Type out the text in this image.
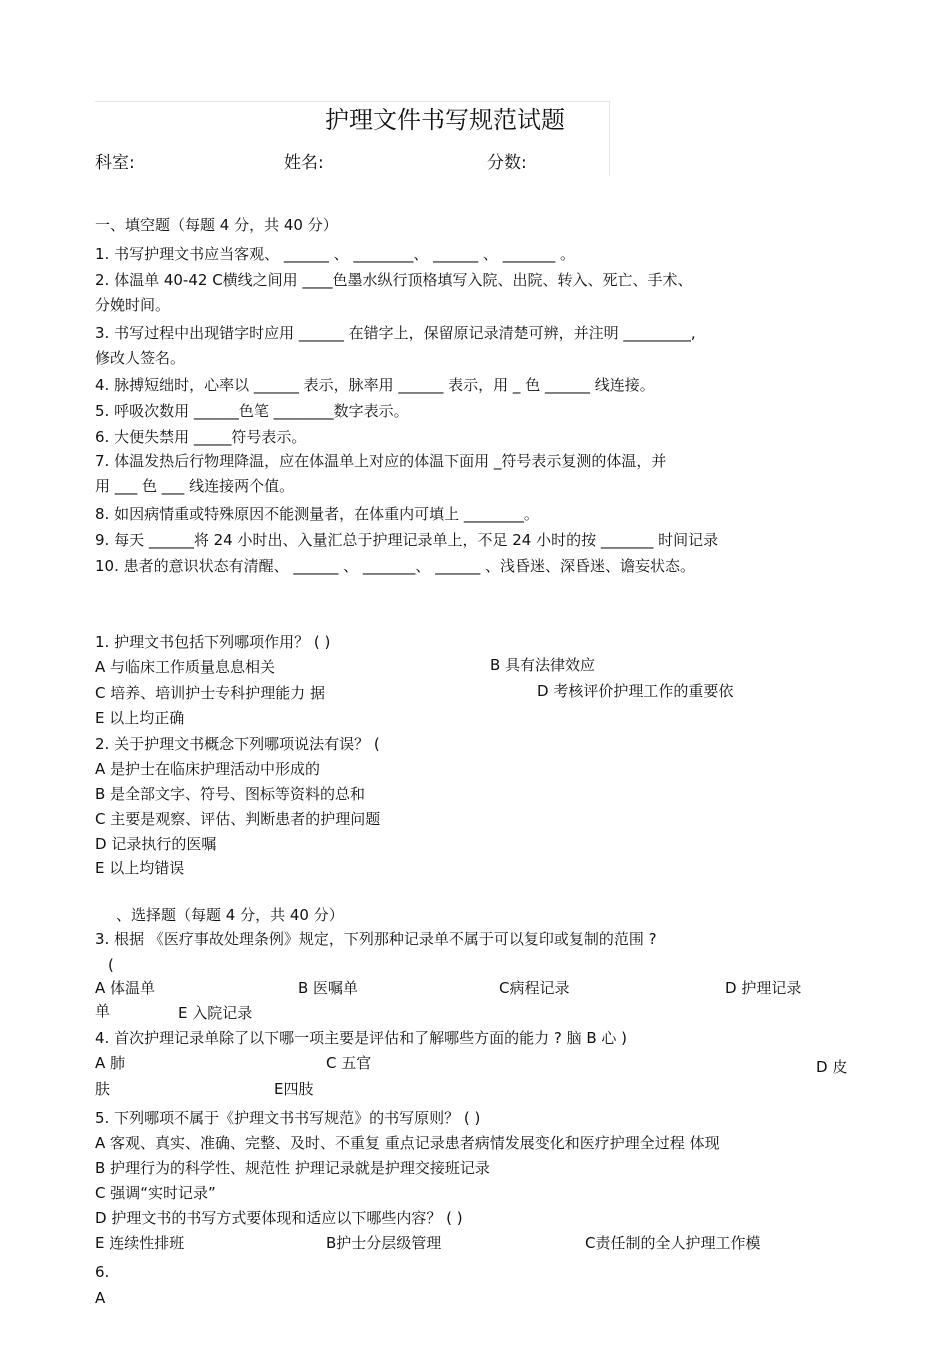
护理文件书写规范试题
科室:	姓名:	分数:
一、填空题（每题 4 分，共 40 分）
1. 书写护理文书应当客观、 ______ 、 ________、 ______ 、 _______ 。
2. 体温单 40-42 C横线之间用 ____色墨水纵行顶格填写入院、出院、转入、死亡、手术、
分娩时间。
3. 书写过程中出现错字时应用 ______ 在错字上，保留原记录清楚可辨，并注明 _________,
修改人签名。
4. 脉搏短绌时，心率以 ______ 表示，脉率用 ______ 表示，用 _ 色 ______ 线连接。
5. 呼吸次数用 ______色笔 ________数字表示。
6. 大便失禁用 _____符号表示。
7. 体温发热后行物理降温，应在体温单上对应的体温下面用 _符号表示复测的体温，并
用 ___ 色 ___ 线连接两个值。
8. 如因病情重或特殊原因不能测量者，在体重内可填上 ________。
9. 每天 ______将 24 小时出、入量汇总于护理记录单上，不足 24 小时的按 _______ 时间记录
10. 患者的意识状态有清醒、 ______ 、 _______、 ______ 、浅昏迷、深昏迷、谵妄状态。
1. 护理文书包括下列哪项作用？ ( )
A 与临床工作质量息息相关	B 具有法律效应
C 培养、培训护士专科护理能力 据	D 考核评价护理工作的重要依
E 以上均正确
2. 关于护理文书概念下列哪项说法有误？ (
A 是护士在临床护理活动中形成的
B 是全部文字、符号、图标等资料的总和
C 主要是观察、评估、判断患者的护理问题
D 记录执行的医嘱
E 以上均错误
、选择题（每题 4 分，共 40 分）
3. 根据 《医疗事故处理条例》规定，下列那种记录单不属于可以复印或复制的范围 ?
(
A 体温单	B 医嘱单	C病程记录	D 护理记录
单	E 入院记录
4. 首次护理记录单除了以下哪一项主要是评估和了解哪些方面的能力 ? 脑 B 心 )
A 肺	C 五官	D 皮
肤	E四肢
5. 下列哪项不属于《护理文书书写规范》的书写原则？ ( )
A 客观、真实、准确、完整、及时、不重复 重点记录患者病情发展变化和医疗护理全过程 体现
B 护理行为的科学性、规范性 护理记录就是护理交接班记录
C 强调“实时记录”
D 护理文书的书写方式要体现和适应以下哪些内容？ ( )
E 连续性排班	B护士分层级管理	C责任制的全人护理工作模
6.
A
